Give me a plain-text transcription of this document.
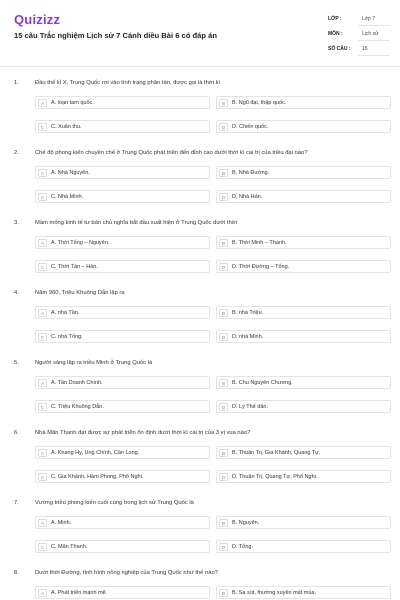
Quizizz
15 câu Trắc nghiệm Lịch sử 7 Cánh diều Bài 6 có đáp án
LỚP :	Lớp 7
MÔN :	Lịch sử
SỐ CÂU : 15
1.	Đầu thế kỉ X, Trung Quốc rơi vào tình trạng phân tán, được gọi là thời kì
A	A. loạn tam quốc.	B	B. Ngũ đại, thập quốc.
C	C. Xuân thu.	D	D. Chiến quốc.
2.	Chế độ phong kiến chuyên chế ở Trung Quốc phát triển đến đỉnh cao dưới thời kì cai trị của triều đại nào?
A	A. Nhà Nguyên.	B	B. Nhà Đường.
C	C. Nhà Minh.	D	D. Nhà Hán.
3.	Mầm mống kinh tế tư bản chủ nghĩa bắt đầu xuất hiện ở Trung Quốc dưới thời
A	A. Thời Tống – Nguyên.	B	B. Thời Minh – Thanh.
C	C. Thời Tần – Hán.	D	D. Thời Đường – Tống.
4.	Năm 960, Triệu Khuông Dẫn lập ra
A	A. nhà Tần.	B	B. nhà Triệu.
C	C. nhà Tống.	D	D. nhà Minh.
5.	Người sáng lập ra triều Minh ở Trung Quốc là
A	A. Tần Doanh Chính.	B	B. Chu Nguyên Chương.
C	C. Triệu Khuông Dẫn.	D	D. Lý Thế dân.
6.	Nhà Mãn Thanh đạt được sự phát triển ổn định dưới thời kì cai trị của 3 vị vua nào?
A	A. Khang Hy, Ung Chính, Càn Long.	B	B. Thuận Trị, Gia Khánh, Quang Tự.
C	C. Gia Khánh, Hàm Phong, Phổ Nghi.	D	D. Thuận Trị, Quang Tự, Phổ Nghi.
7.	Vương triều phong kiến cuối cùng trong lịch sử Trung Quốc là
A	A. Minh.	B	B. Nguyên.
C	C. Mãn Thanh.	D	D. Tống.
8.	Dưới thời Đường, tình hình nông nghiệp của Trung Quốc như thế nào?
A	A. Phát triển mạnh mẽ.	B	B. Sa sút, thường xuyên mất mùa.
